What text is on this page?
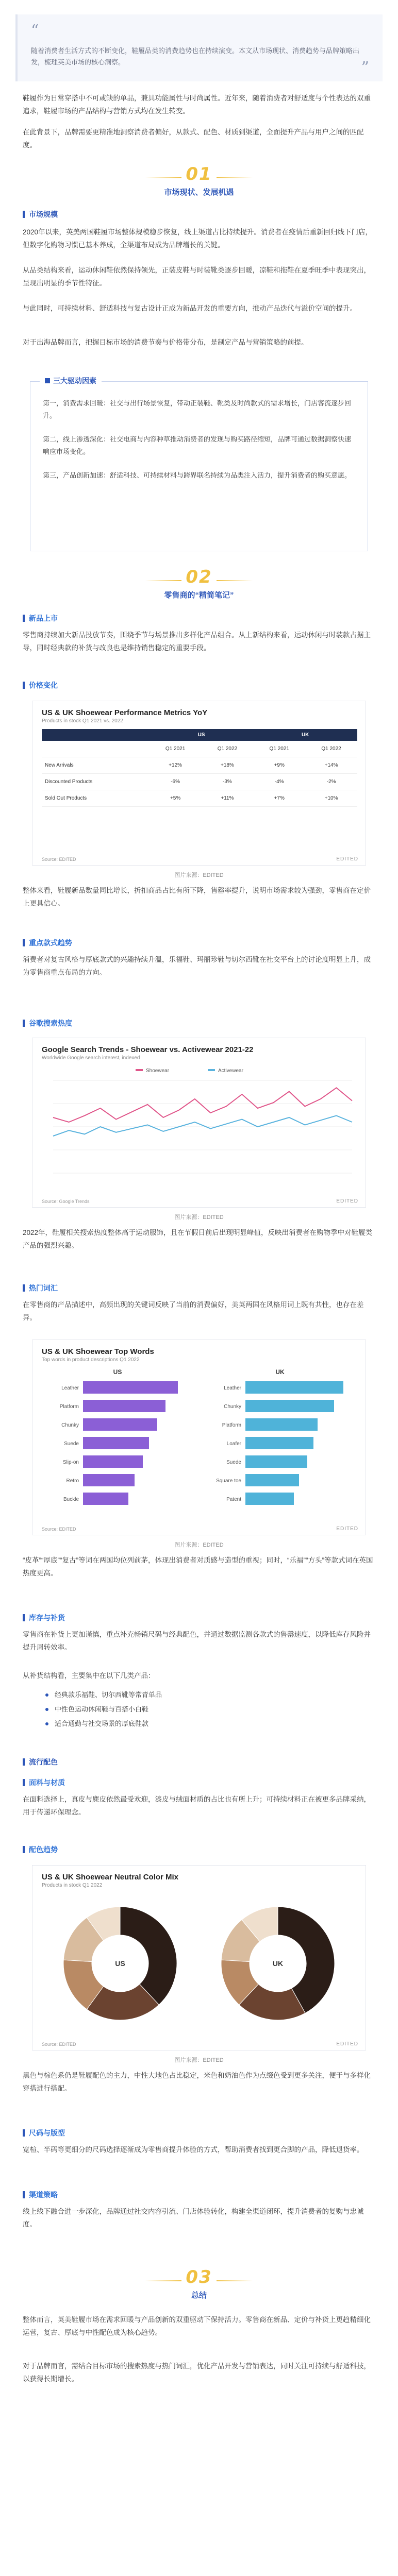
“
随着消费者生活方式的不断变化，鞋履品类的消费趋势也在持续演变。本文从市场现状、消费趋势与品牌策略出发，梳理英美市场的核心洞察。	”

鞋履作为日常穿搭中不可或缺的单品，兼具功能属性与时尚属性。近年来，随着消费者对舒适度与个性表达的双重追求，鞋履市场的产品结构与营销方式均在发生转变。

在此背景下，品牌需要更精准地洞察消费者偏好，从款式、配色、材质到渠道，全面提升产品与用户之间的匹配度。

01
市场现状、发展机遇
市场规模

2020年以来，英美两国鞋履市场整体规模稳步恢复，线上渠道占比持续提升。消费者在疫情后重新回归线下门店，但数字化购物习惯已基本养成，全渠道布局成为品牌增长的关键。

从品类结构来看，运动休闲鞋依然保持领先，正装皮鞋与时装靴类逐步回暖，凉鞋和拖鞋在夏季旺季中表现突出，呈现出明显的季节性特征。

与此同时，可持续材料、舒适科技与复古设计正成为新品开发的重要方向，推动产品迭代与溢价空间的提升。

对于出海品牌而言，把握目标市场的消费节奏与价格带分布，是制定产品与营销策略的前提。

三大驱动因素

第一，消费需求回暖：社交与出行场景恢复，带动正装鞋、靴类及时尚款式的需求增长，门店客流逐步回升。

第二，线上渗透深化：社交电商与内容种草推动消费者的发现与购买路径缩短，品牌可通过数据洞察快速响应市场变化。

第三，产品创新加速：舒适科技、可持续材料与跨界联名持续为品类注入活力，提升消费者的购买意愿。

02
零售商的“精简笔记”
新品上市

零售商持续加大新品投放节奏，围绕季节与场景推出多样化产品组合。从上新结构来看，运动休闲与时装款占据主导，同时经典款的补货与改良也是维持销售稳定的重要手段。

价格变化
US & UK Shoewear Performance Metrics YoY
Products in stock Q1 2021 vs. 2022
	US		UK	
	Q1 2021	Q1 2022	Q1 2021	Q1 2022
New Arrivals	+12%	+18%	+9%	+14%
Discounted Products	-6%	-3%	-4%	-2%
Sold Out Products	+5%	+11%	+7%	+10%
Source: EDITED	EDITED
图片来源：EDITED

整体来看，鞋履新品数量同比增长，折扣商品占比有所下降，售罄率提升，说明市场需求较为强劲，零售商在定价上更具信心。

重点款式趋势

消费者对复古风格与厚底款式的兴趣持续升温，乐福鞋、玛丽珍鞋与切尔西靴在社交平台上的讨论度明显上升，成为零售商重点布局的方向。

谷歌搜索热度
Google Search Trends - Shoewear vs. Activewear 2021-22
Worldwide Google search interest, indexed
Shoewear	Activewear
Source: Google Trends	EDITED
图片来源：EDITED

2022年，鞋履相关搜索热度整体高于运动服饰，且在节假日前后出现明显峰值，反映出消费者在购物季中对鞋履类产品的强烈兴趣。

热门词汇

在零售商的产品描述中，高频出现的关键词反映了当前的消费偏好，美英两国在风格用词上既有共性，也存在差异。

US & UK Shoewear Top Words
Top words in product descriptions Q1 2022
US
Leather
Platform
Chunky
Suede
Slip-on
Retro
Buckle
UK
Leather
Chunky
Platform
Loafer
Suede
Square toe
Patent
Source: EDITED	EDITED
图片来源：EDITED

“皮革”“厚底”“复古”等词在两国均位列前茅，体现出消费者对质感与造型的重视；同时，“乐福”“方头”等款式词在英国热度更高。

库存与补货

零售商在补货上更加谨慎，重点补充畅销尺码与经典配色，并通过数据监测各款式的售罄速度，以降低库存风险并提升周转效率。

从补货结构看，主要集中在以下几类产品：

经典款乐福鞋、切尔西靴等常青单品
中性色运动休闲鞋与百搭小白鞋
适合通勤与社交场景的厚底鞋款
流行配色
面料与材质

在面料选择上，真皮与麂皮依然最受欢迎，漆皮与绒面材质的占比也有所上升；可持续材料正在被更多品牌采纳，用于传递环保理念。

配色趋势
US & UK Shoewear Neutral Color Mix
Products in stock Q1 2022
US	UK
Source: EDITED	EDITED
图片来源：EDITED

黑色与棕色系仍是鞋履配色的主力，中性大地色占比稳定，米色和奶油色作为点缀色受到更多关注，便于与多样化穿搭进行搭配。

尺码与版型

宽楦、半码等更细分的尺码选择逐渐成为零售商提升体验的方式，帮助消费者找到更合脚的产品，降低退货率。

渠道策略

线上线下融合进一步深化，品牌通过社交内容引流、门店体验转化，构建全渠道闭环，提升消费者的复购与忠诚度。

03
总结

整体而言，英美鞋履市场在需求回暖与产品创新的双重驱动下保持活力。零售商在新品、定价与补货上更趋精细化运营，复古、厚底与中性配色成为核心趋势。

对于品牌而言，需结合目标市场的搜索热度与热门词汇，优化产品开发与营销表达，同时关注可持续与舒适科技，以获得长期增长。
